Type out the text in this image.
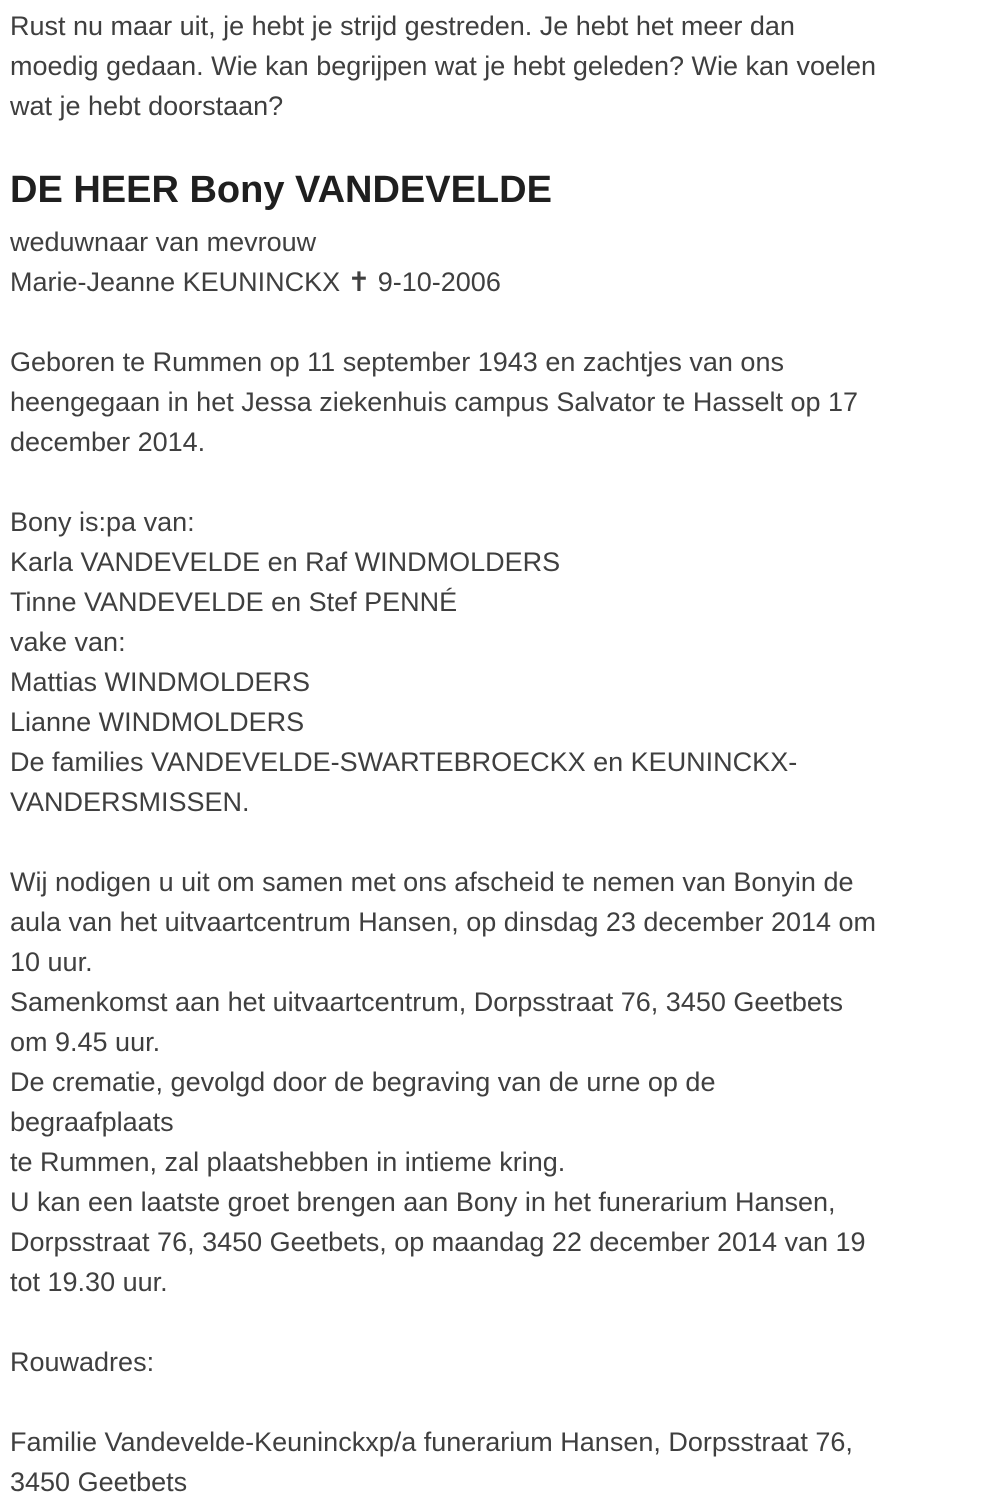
Rust nu maar uit, je hebt je strijd gestreden. Je hebt het meer dan
moedig gedaan. Wie kan begrijpen wat je hebt geleden? Wie kan voelen
wat je hebt doorstaan?
DE HEER Bony VANDEVELDE
weduwnaar van mevrouw
Marie-Jeanne KEUNINCKX ✝ 9-10-2006
Geboren te Rummen op 11 september 1943 en zachtjes van ons
heengegaan in het Jessa ziekenhuis campus Salvator te Hasselt op 17
december 2014.
Bony is:pa van:
Karla VANDEVELDE en Raf WINDMOLDERS
Tinne VANDEVELDE en Stef PENNÉ
vake van:
Mattias WINDMOLDERS
Lianne WINDMOLDERS
De families VANDEVELDE-SWARTEBROECKX en KEUNINCKX-
VANDERSMISSEN.
Wij nodigen u uit om samen met ons afscheid te nemen van Bonyin de
aula van het uitvaartcentrum Hansen, op dinsdag 23 december 2014 om
10 uur.
Samenkomst aan het uitvaartcentrum, Dorpsstraat 76, 3450 Geetbets
om 9.45 uur.
De crematie, gevolgd door de begraving van de urne op de
begraafplaats
te Rummen, zal plaatshebben in intieme kring.
U kan een laatste groet brengen aan Bony in het funerarium Hansen,
Dorpsstraat 76, 3450 Geetbets, op maandag 22 december 2014 van 19
tot 19.30 uur.
Rouwadres:
Familie Vandevelde-Keuninckxp/a funerarium Hansen, Dorpsstraat 76,
3450 Geetbets
